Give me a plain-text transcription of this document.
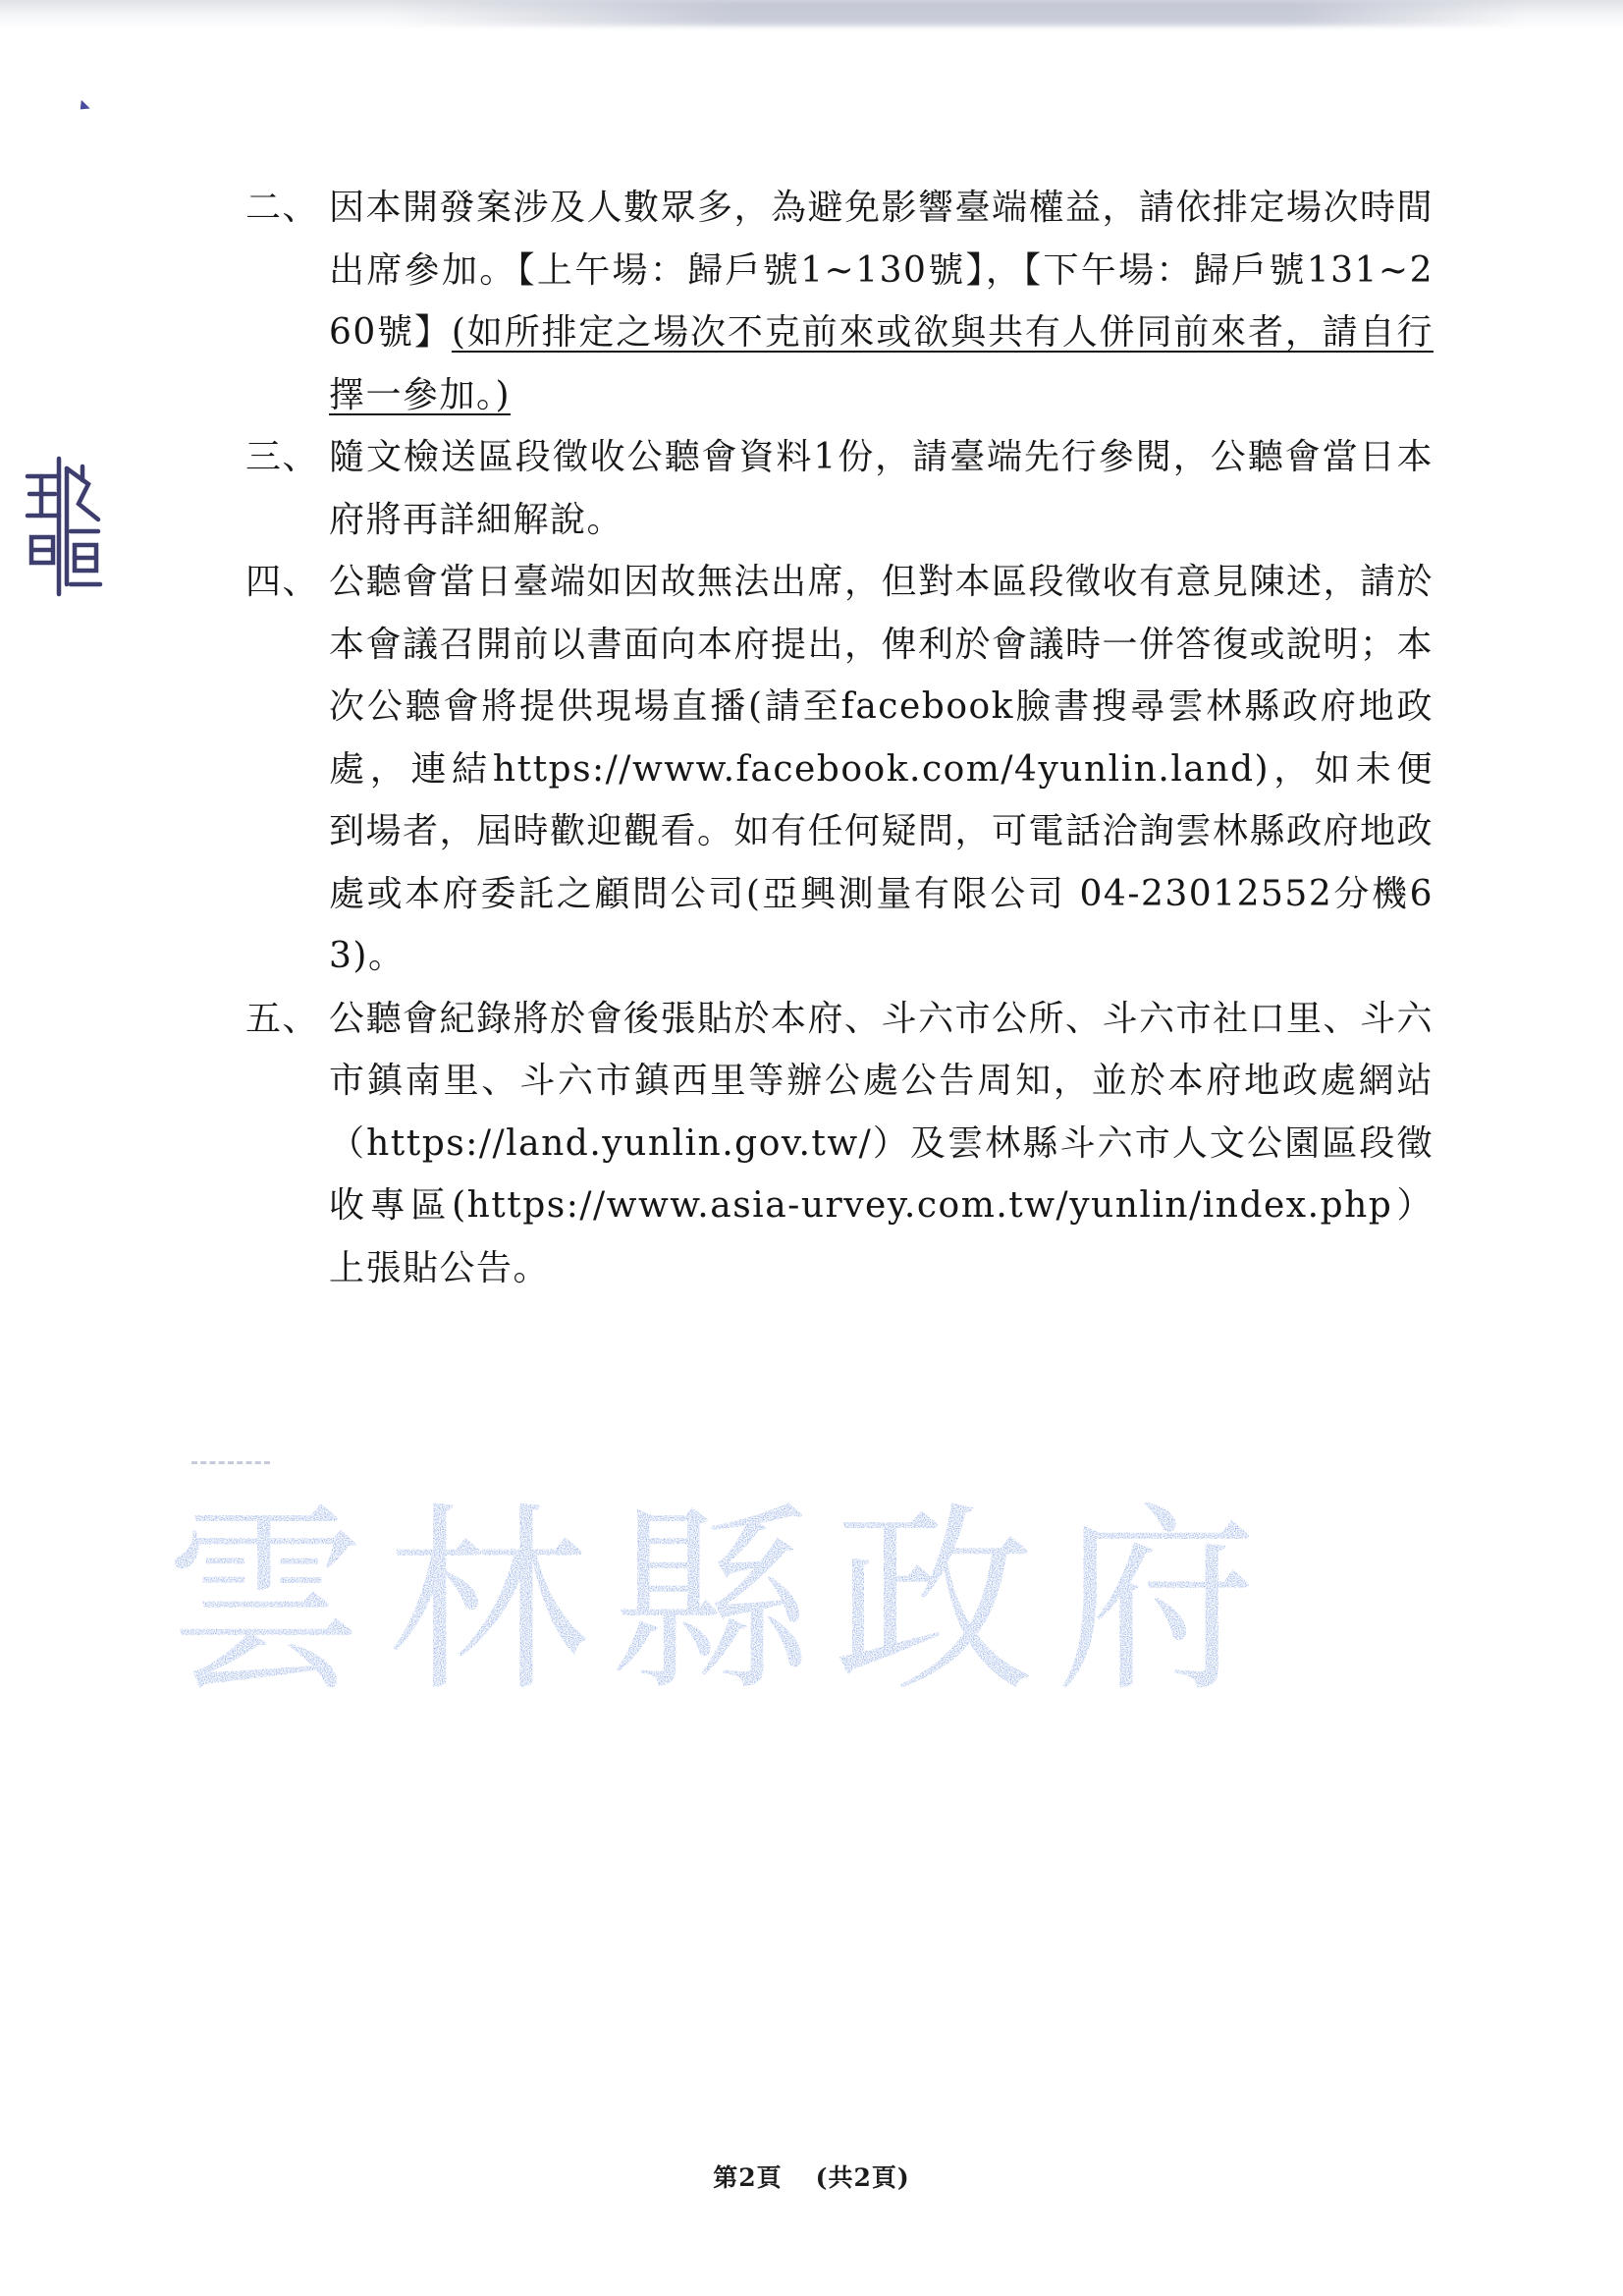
二、 因本開發案涉及人數眾多，為避免影響臺端權益，請依排定場次時間出席參加。【上午場：歸戶號1~130號】，【下午場：歸戶號131~260號】(如所排定之場次不克前來或欲與共有人併同前來者，請自行擇一參加。)
三、 隨文檢送區段徵收公聽會資料1份，請臺端先行參閱，公聽會當日本府將再詳細解說。
四、 公聽會當日臺端如因故無法出席，但對本區段徵收有意見陳述，請於本會議召開前以書面向本府提出，俾利於會議時一併答復或說明；本次公聽會將提供現場直播(請至facebook臉書搜尋雲林縣政府地政處，連結https://www.facebook.com/4yunlin.land)，如未便到場者，屆時歡迎觀看。如有任何疑問，可電話洽詢雲林縣政府地政處或本府委託之顧問公司(亞興測量有限公司 04-23012552分機63)。
五、 公聽會紀錄將於會後張貼於本府、斗六市公所、斗六市社口里、斗六市鎮南里、斗六市鎮西里等辦公處公告周知，並於本府地政處網站（https://land.yunlin.gov.tw/）及雲林縣斗六市人文公園區段徵收專區(https://www.asia-urvey.com.tw/yunlin/index.php）上張貼公告。
雲林縣政府
第2頁 (共2頁)
